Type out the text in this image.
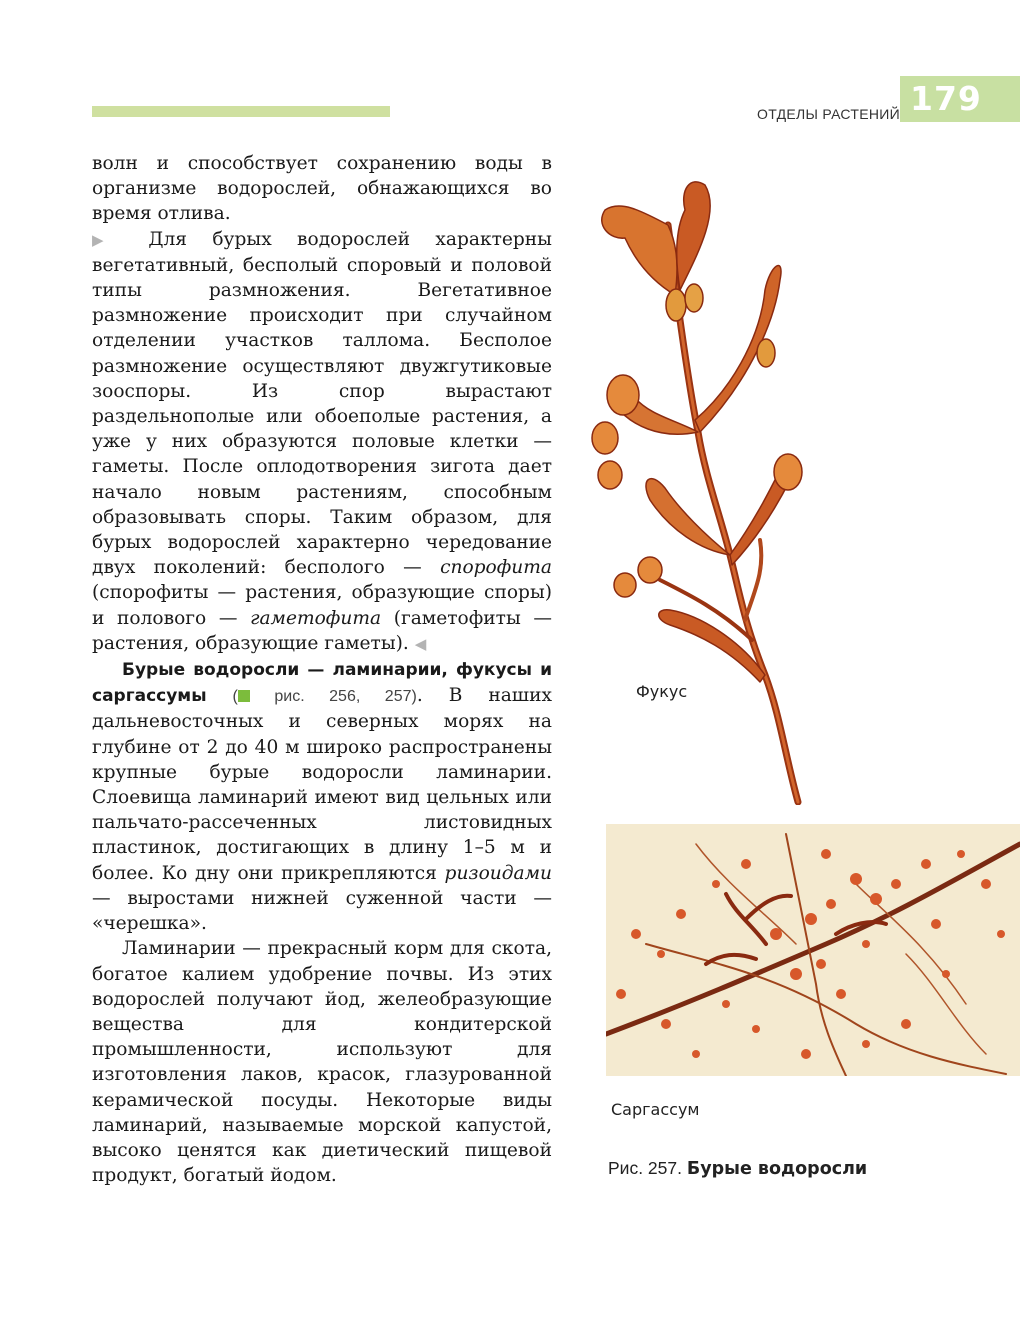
ОТДЕЛЫ РАСТЕНИЙ 179

волн и способствует сохранению воды в организме водорослей, обнажающихся во время отлива.

▶ Для бурых водорослей характерны вегетативный, бесполый споровый и половой типы размножения. Вегетативное размножение происходит при случайном отделении участков таллома. Бесполое размножение осуществляют двужгутиковые зооспоры. Из спор вырастают раздельнополые или обоеполые растения, а уже у них образуются половые клетки — гаметы. После оплодотворения зигота дает начало новым растениям, способным образовывать споры. Таким образом, для бурых водорослей характерно чередование двух поколений: бесполого — спорофита (спорофиты — растения, образующие споры) и полового — гаметофита (гаметофиты — растения, образующие гаметы). ◀

Бурые водоросли — ламинарии, фукусы и саргассумы ( рис. 256, 257). В наших дальневосточных и северных морях на глубине от 2 до 40 м широко распространены крупные бурые водоросли ламинарии. Слоевища ламинарий имеют вид цельных или пальчато-рассеченных листовидных пластинок, достигающих в длину 1–5 м и более. Ко дну они прикрепляются ризоидами — выростами нижней суженной части — «черешка».

Ламинарии — прекрасный корм для скота, богатое калием удобрение почвы. Из этих водорослей получают йод, желеобразующие вещества для кондитерской промышленности, используют для изготовления лаков, красок, глазурованной керамической посуды. Некоторые виды ламинарий, называемые морской капустой, высоко ценятся как диетический пищевой продукт, богатый йодом.

Фукус
Саргассум
Рис. 257. Бурые водоросли
